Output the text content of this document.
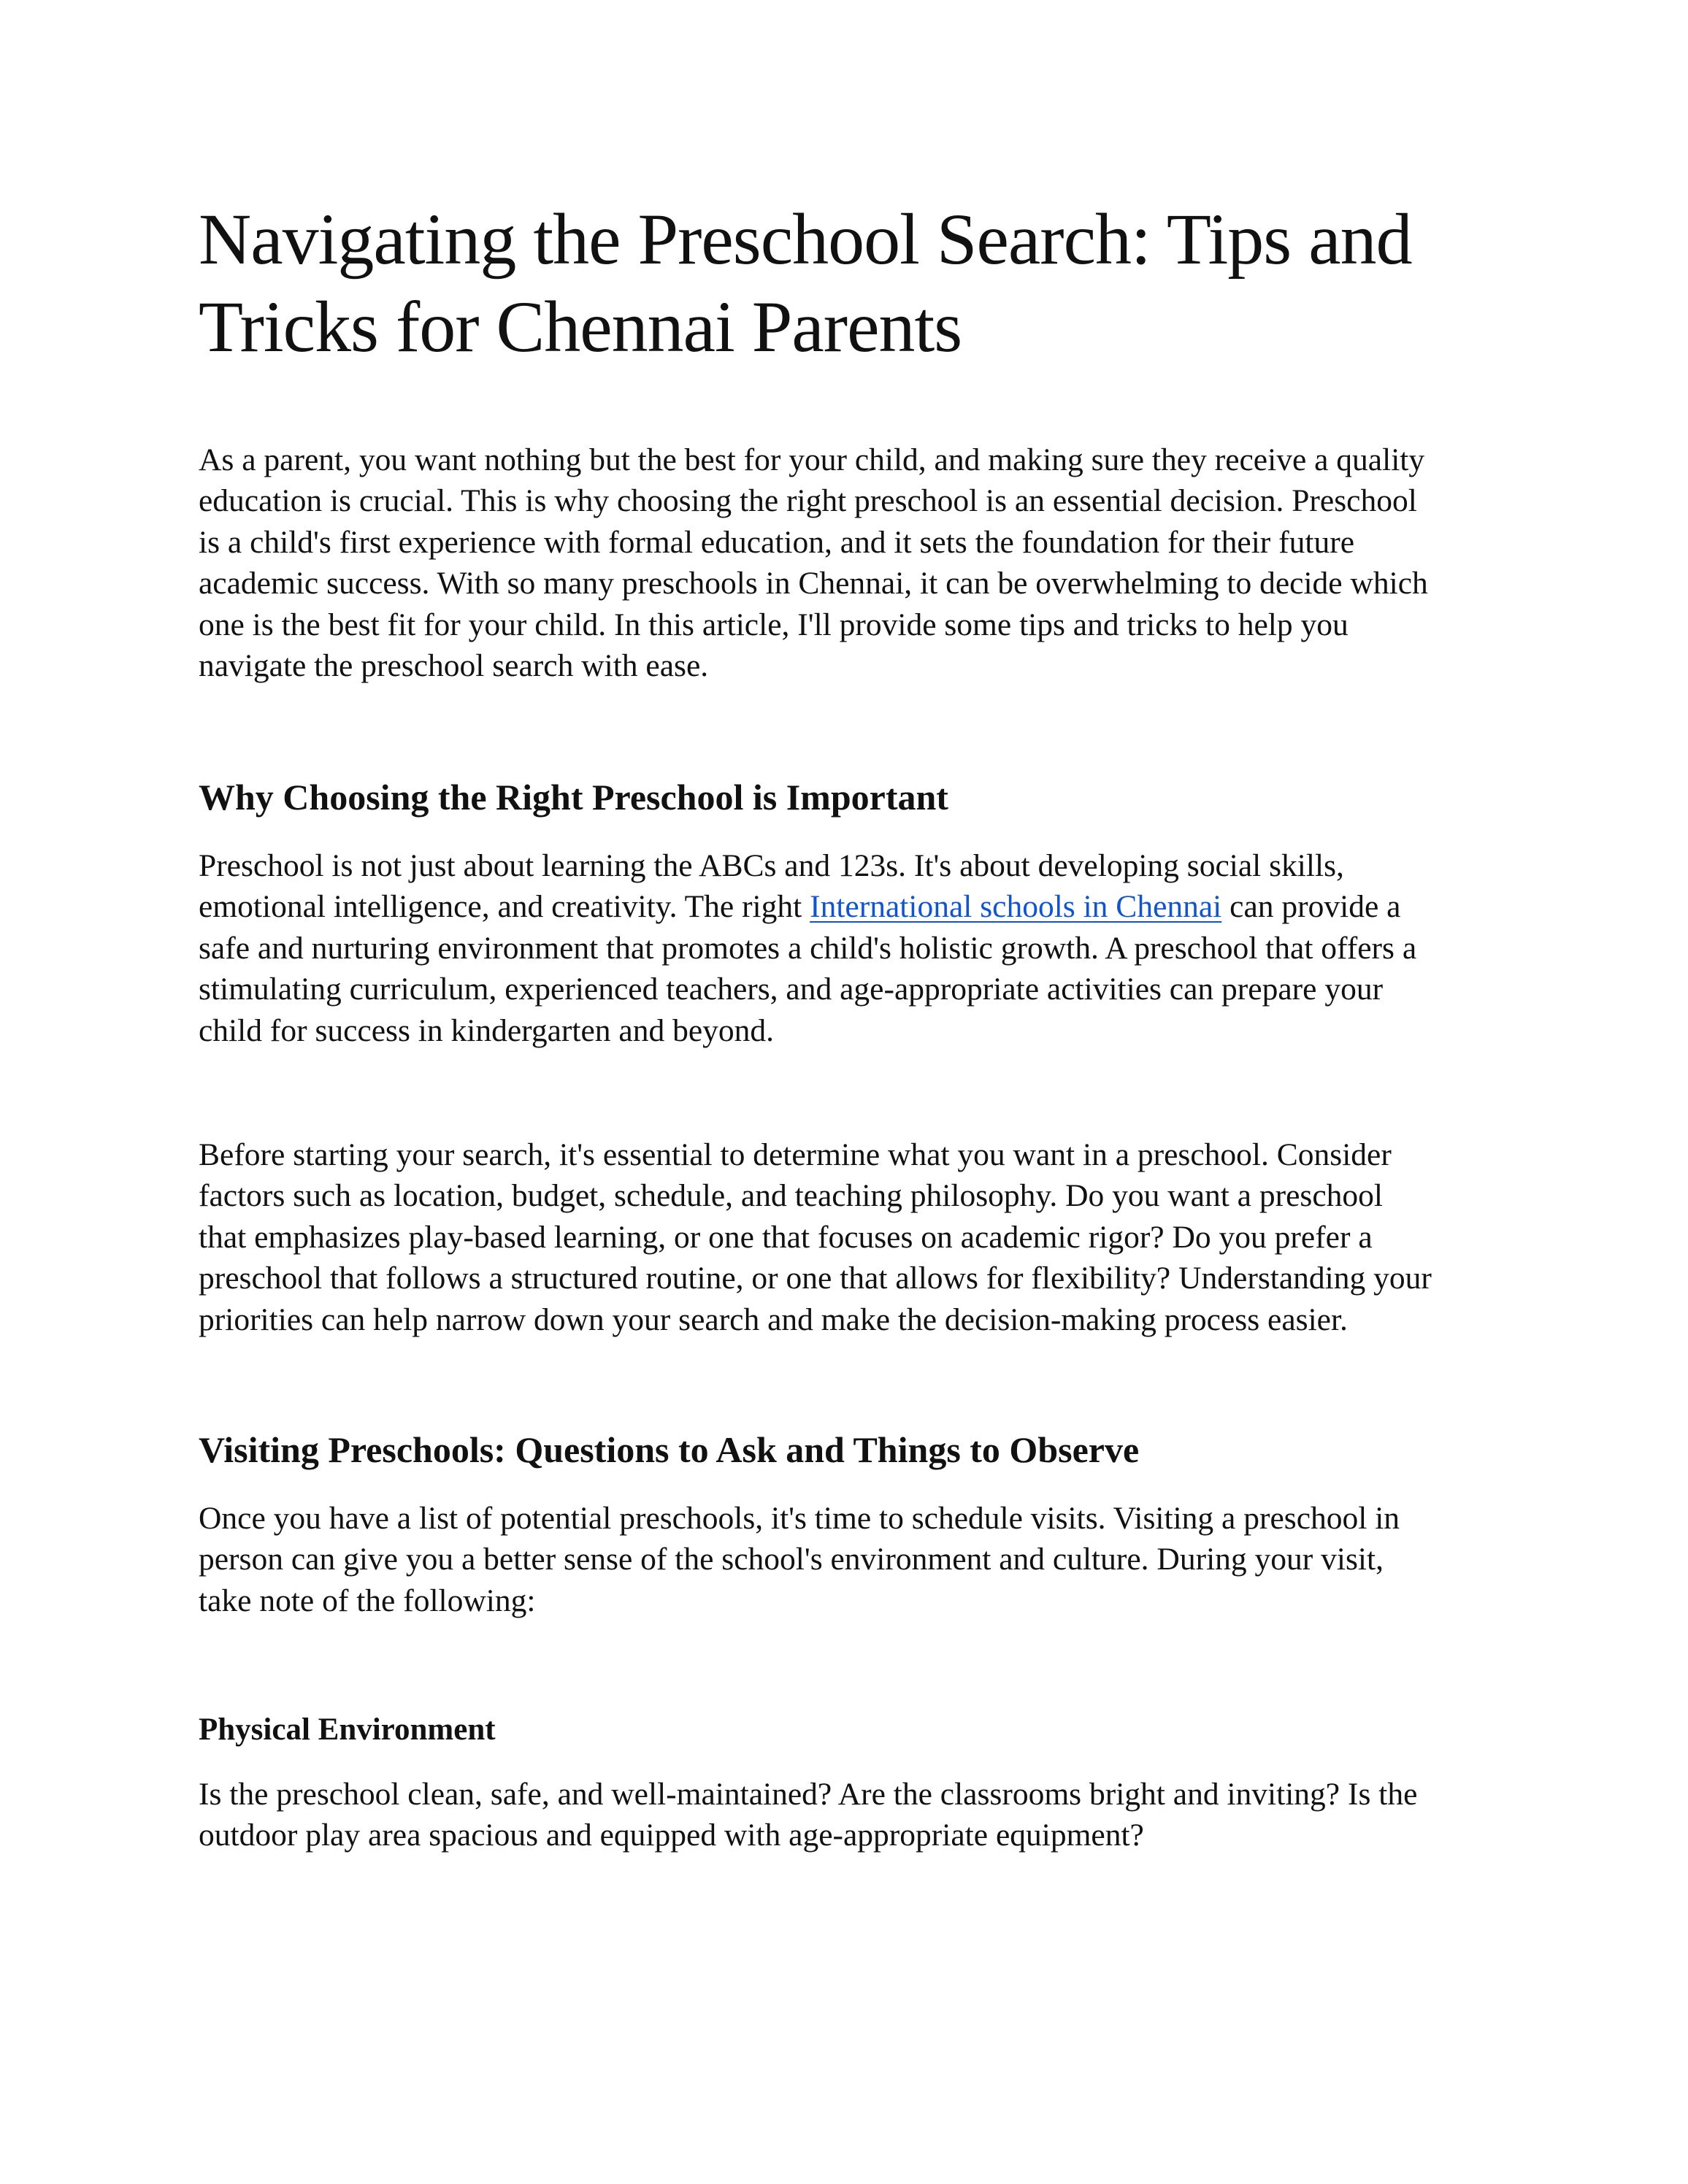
Navigating the Preschool Search: Tips and
Tricks for Chennai Parents

As a parent, you want nothing but the best for your child, and making sure they receive a quality
education is crucial. This is why choosing the right preschool is an essential decision. Preschool
is a child's first experience with formal education, and it sets the foundation for their future
academic success. With so many preschools in Chennai, it can be overwhelming to decide which
one is the best fit for your child. In this article, I'll provide some tips and tricks to help you
navigate the preschool search with ease.

Why Choosing the Right Preschool is Important

Preschool is not just about learning the ABCs and 123s. It's about developing social skills,
emotional intelligence, and creativity. The right International schools in Chennai can provide a
safe and nurturing environment that promotes a child's holistic growth. A preschool that offers a
stimulating curriculum, experienced teachers, and age-appropriate activities can prepare your
child for success in kindergarten and beyond.

Before starting your search, it's essential to determine what you want in a preschool. Consider
factors such as location, budget, schedule, and teaching philosophy. Do you want a preschool
that emphasizes play-based learning, or one that focuses on academic rigor? Do you prefer a
preschool that follows a structured routine, or one that allows for flexibility? Understanding your
priorities can help narrow down your search and make the decision-making process easier.

Visiting Preschools: Questions to Ask and Things to Observe

Once you have a list of potential preschools, it's time to schedule visits. Visiting a preschool in
person can give you a better sense of the school's environment and culture. During your visit,
take note of the following:

Physical Environment

Is the preschool clean, safe, and well-maintained? Are the classrooms bright and inviting? Is the
outdoor play area spacious and equipped with age-appropriate equipment?
